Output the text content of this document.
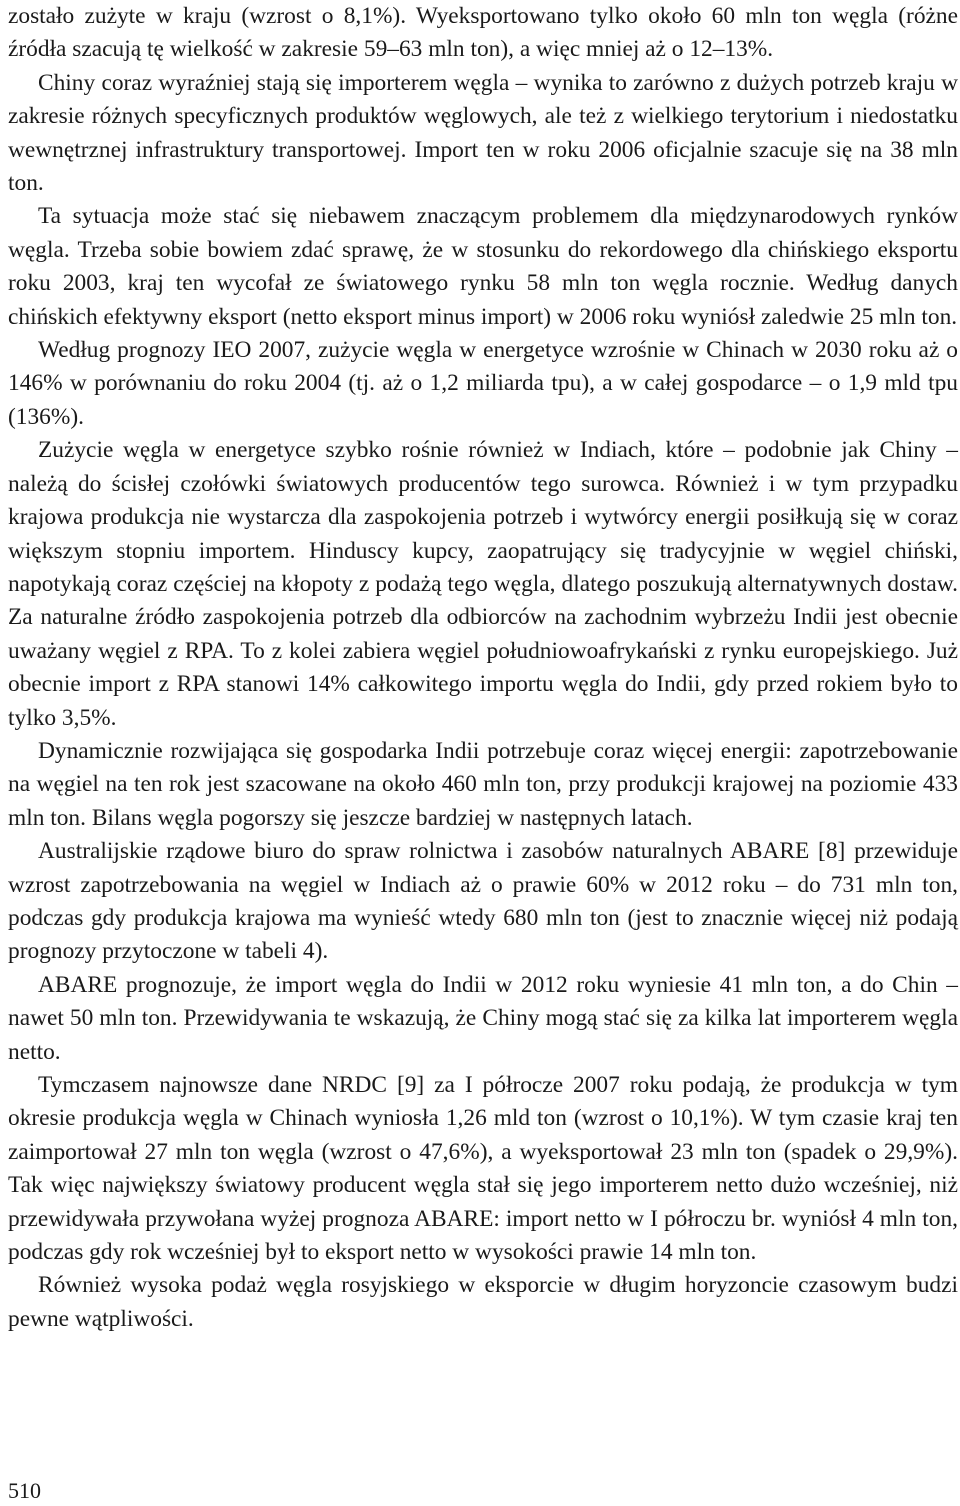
zostało zużyte w kraju (wzrost o 8,1%). Wyeksportowano tylko około 60 mln ton węgla (różne źródła szacują tę wielkość w zakresie 59–63 mln ton), a więc mniej aż o 12–13%.

Chiny coraz wyraźniej stają się importerem węgla – wynika to zarówno z dużych potrzeb kraju w zakresie różnych specyficznych produktów węglowych, ale też z wielkiego terytorium i niedostatku wewnętrznej infrastruktury transportowej. Import ten w roku 2006 oficjalnie szacuje się na 38 mln ton.

Ta sytuacja może stać się niebawem znaczącym problemem dla międzynarodowych rynków węgla. Trzeba sobie bowiem zdać sprawę, że w stosunku do rekordowego dla chińskiego eksportu roku 2003, kraj ten wycofał ze światowego rynku 58 mln ton węgla rocznie. Według danych chińskich efektywny eksport (netto eksport minus import) w 2006 roku wyniósł zaledwie 25 mln ton.

Według prognozy IEO 2007, zużycie węgla w energetyce wzrośnie w Chinach w 2030 roku aż o 146% w porównaniu do roku 2004 (tj. aż o 1,2 miliarda tpu), a w całej gospodarce – o 1,9 mld tpu (136%).

Zużycie węgla w energetyce szybko rośnie również w Indiach, które – podobnie jak Chiny – należą do ścisłej czołówki światowych producentów tego surowca. Również i w tym przypadku krajowa produkcja nie wystarcza dla zaspokojenia potrzeb i wytwórcy energii posiłkują się w coraz większym stopniu importem. Hinduscy kupcy, zaopatrujący się tradycyjnie w węgiel chiński, napotykają coraz częściej na kłopoty z podażą tego węgla, dlatego poszukują alternatywnych dostaw. Za naturalne źródło zaspokojenia potrzeb dla odbiorców na zachodnim wybrzeżu Indii jest obecnie uważany węgiel z RPA. To z kolei zabiera węgiel południowoafrykański z rynku europejskiego. Już obecnie import z RPA stanowi 14% całkowitego importu węgla do Indii, gdy przed rokiem było to tylko 3,5%.

Dynamicznie rozwijająca się gospodarka Indii potrzebuje coraz więcej energii: zapotrzebowanie na węgiel na ten rok jest szacowane na około 460 mln ton, przy produkcji krajowej na poziomie 433 mln ton. Bilans węgla pogorszy się jeszcze bardziej w następnych latach.

Australijskie rządowe biuro do spraw rolnictwa i zasobów naturalnych ABARE [8] przewiduje wzrost zapotrzebowania na węgiel w Indiach aż o prawie 60% w 2012 roku – do 731 mln ton, podczas gdy produkcja krajowa ma wynieść wtedy 680 mln ton (jest to znacznie więcej niż podają prognozy przytoczone w tabeli 4).

ABARE prognozuje, że import węgla do Indii w 2012 roku wyniesie 41 mln ton, a do Chin – nawet 50 mln ton. Przewidywania te wskazują, że Chiny mogą stać się za kilka lat importerem węgla netto.

Tymczasem najnowsze dane NRDC [9] za I półrocze 2007 roku podają, że produkcja w tym okresie produkcja węgla w Chinach wyniosła 1,26 mld ton (wzrost o 10,1%). W tym czasie kraj ten zaimportował 27 mln ton węgla (wzrost o 47,6%), a wyeksportował 23 mln ton (spadek o 29,9%). Tak więc największy światowy producent węgla stał się jego importerem netto dużo wcześniej, niż przewidywała przywołana wyżej prognoza ABARE: import netto w I półroczu br. wyniósł 4 mln ton, podczas gdy rok wcześniej był to eksport netto w wysokości prawie 14 mln ton.

Również wysoka podaż węgla rosyjskiego w eksporcie w długim horyzoncie czasowym budzi pewne wątpliwości.

510
